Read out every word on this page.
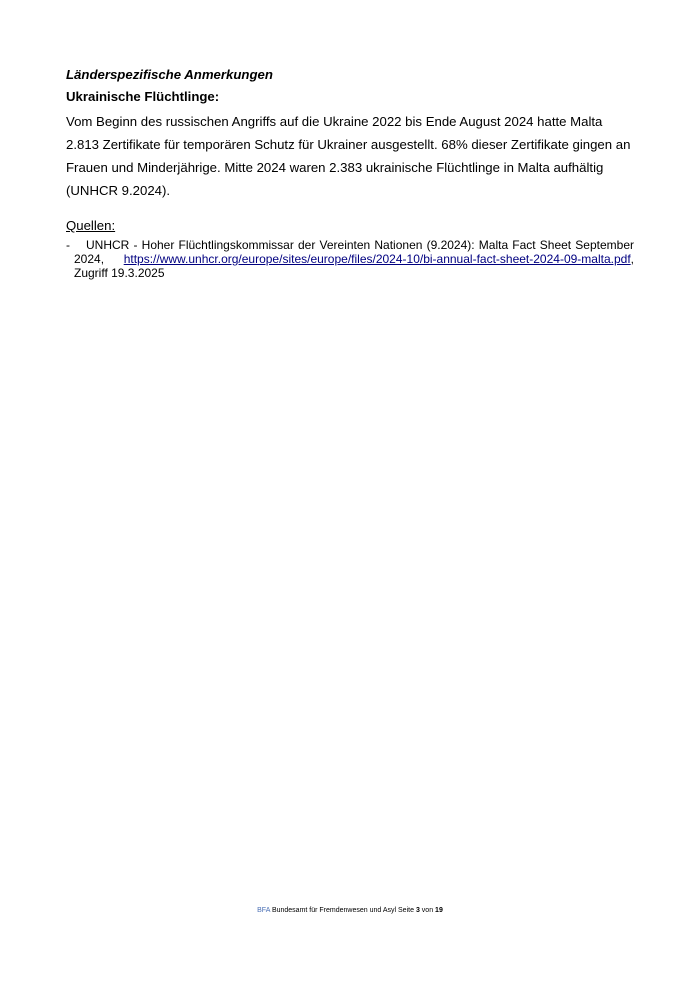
Länderspezifische Anmerkungen
Ukrainische Flüchtlinge:

Vom Beginn des russischen Angriffs auf die Ukraine 2022 bis Ende August 2024 hatte Malta 2.813 Zertifikate für temporären Schutz für Ukrainer ausgestellt. 68% dieser Zertifikate gingen an Frauen und Minderjährige. Mitte 2024 waren 2.383 ukrainische Flüchtlinge in Malta aufhältig (UNHCR 9.2024).

Quellen:
-	UNHCR - Hoher Flüchtlingskommissar der Vereinten Nationen (9.2024): Malta Fact Sheet September 2024, https://www.unhcr.org/europe/sites/europe/files/2024-10/bi-annual-fact-sheet-2024-09-malta.pdf, Zugriff 19.3.2025
BFA Bundesamt für Fremdenwesen und Asyl Seite 3 von 19
